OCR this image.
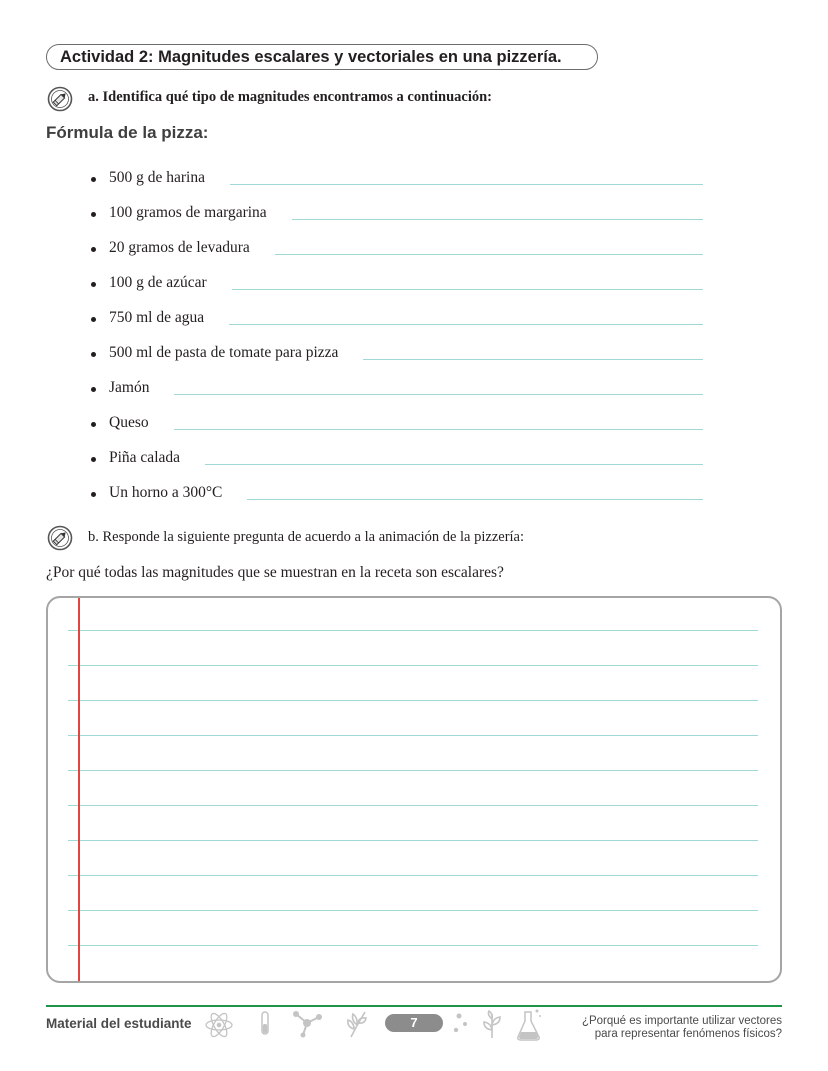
Actividad 2: Magnitudes escalares y vectoriales en una pizzería.
a. Identifica qué tipo de magnitudes encontramos a continuación:
Fórmula de la pizza:
500 g de harina
100 gramos de margarina
20 gramos de levadura
100 g de azúcar
750 ml de agua
500 ml de pasta de tomate para pizza
Jamón
Queso
Piña calada
Un horno a 300°C
b. Responde la siguiente pregunta de acuerdo a la animación de la pizzería:
¿Por qué todas las magnitudes que se muestran en la receta son escalares?
Material del estudiante	7	¿Porqué es importante utilizar vectores
para representar fenómenos físicos?
